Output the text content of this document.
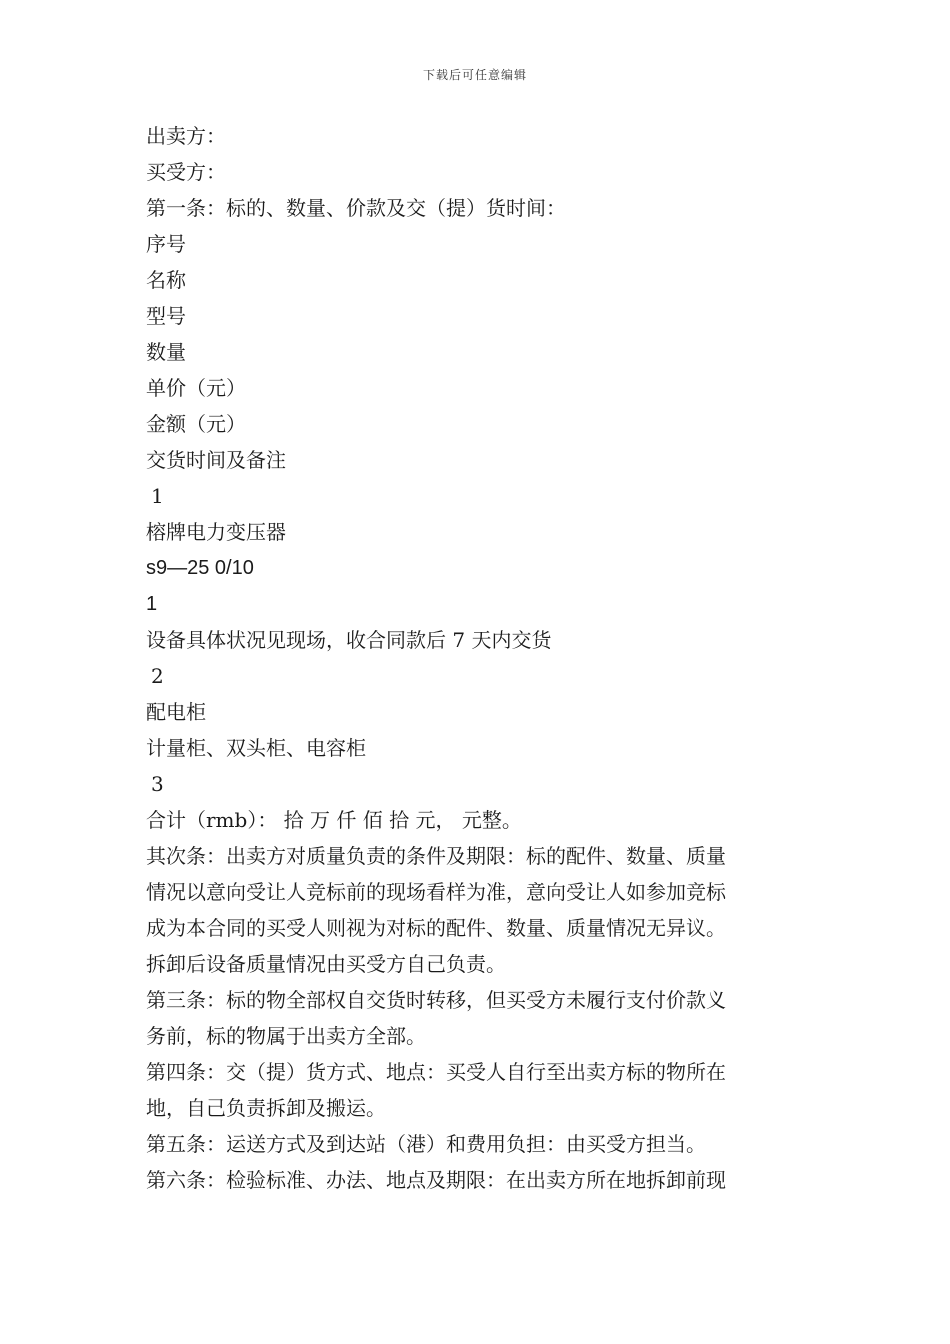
下载后可任意编辑
出卖方：
买受方：
第一条：标的、数量、价款及交（提）货时间：
序号
名称
型号
数量
单价（元）
金额（元）
交货时间及备注
1
榕牌电力变压器
s9—25 0/10
1
设备具体状况见现场，收合同款后 7 天内交货
2
配电柜
计量柜、双头柜、电容柜
3
合计（rmb）： 拾 万 仟 佰 拾 元， 元整。
其次条：出卖方对质量负责的条件及期限：标的配件、数量、质量
情况以意向受让人竞标前的现场看样为准，意向受让人如参加竞标
成为本合同的买受人则视为对标的配件、数量、质量情况无异议。
拆卸后设备质量情况由买受方自己负责。
第三条：标的物全部权自交货时转移，但买受方未履行支付价款义
务前，标的物属于出卖方全部。
第四条：交（提）货方式、地点：买受人自行至出卖方标的物所在
地，自己负责拆卸及搬运。
第五条：运送方式及到达站（港）和费用负担：由买受方担当。
第六条：检验标准、办法、地点及期限：在出卖方所在地拆卸前现
